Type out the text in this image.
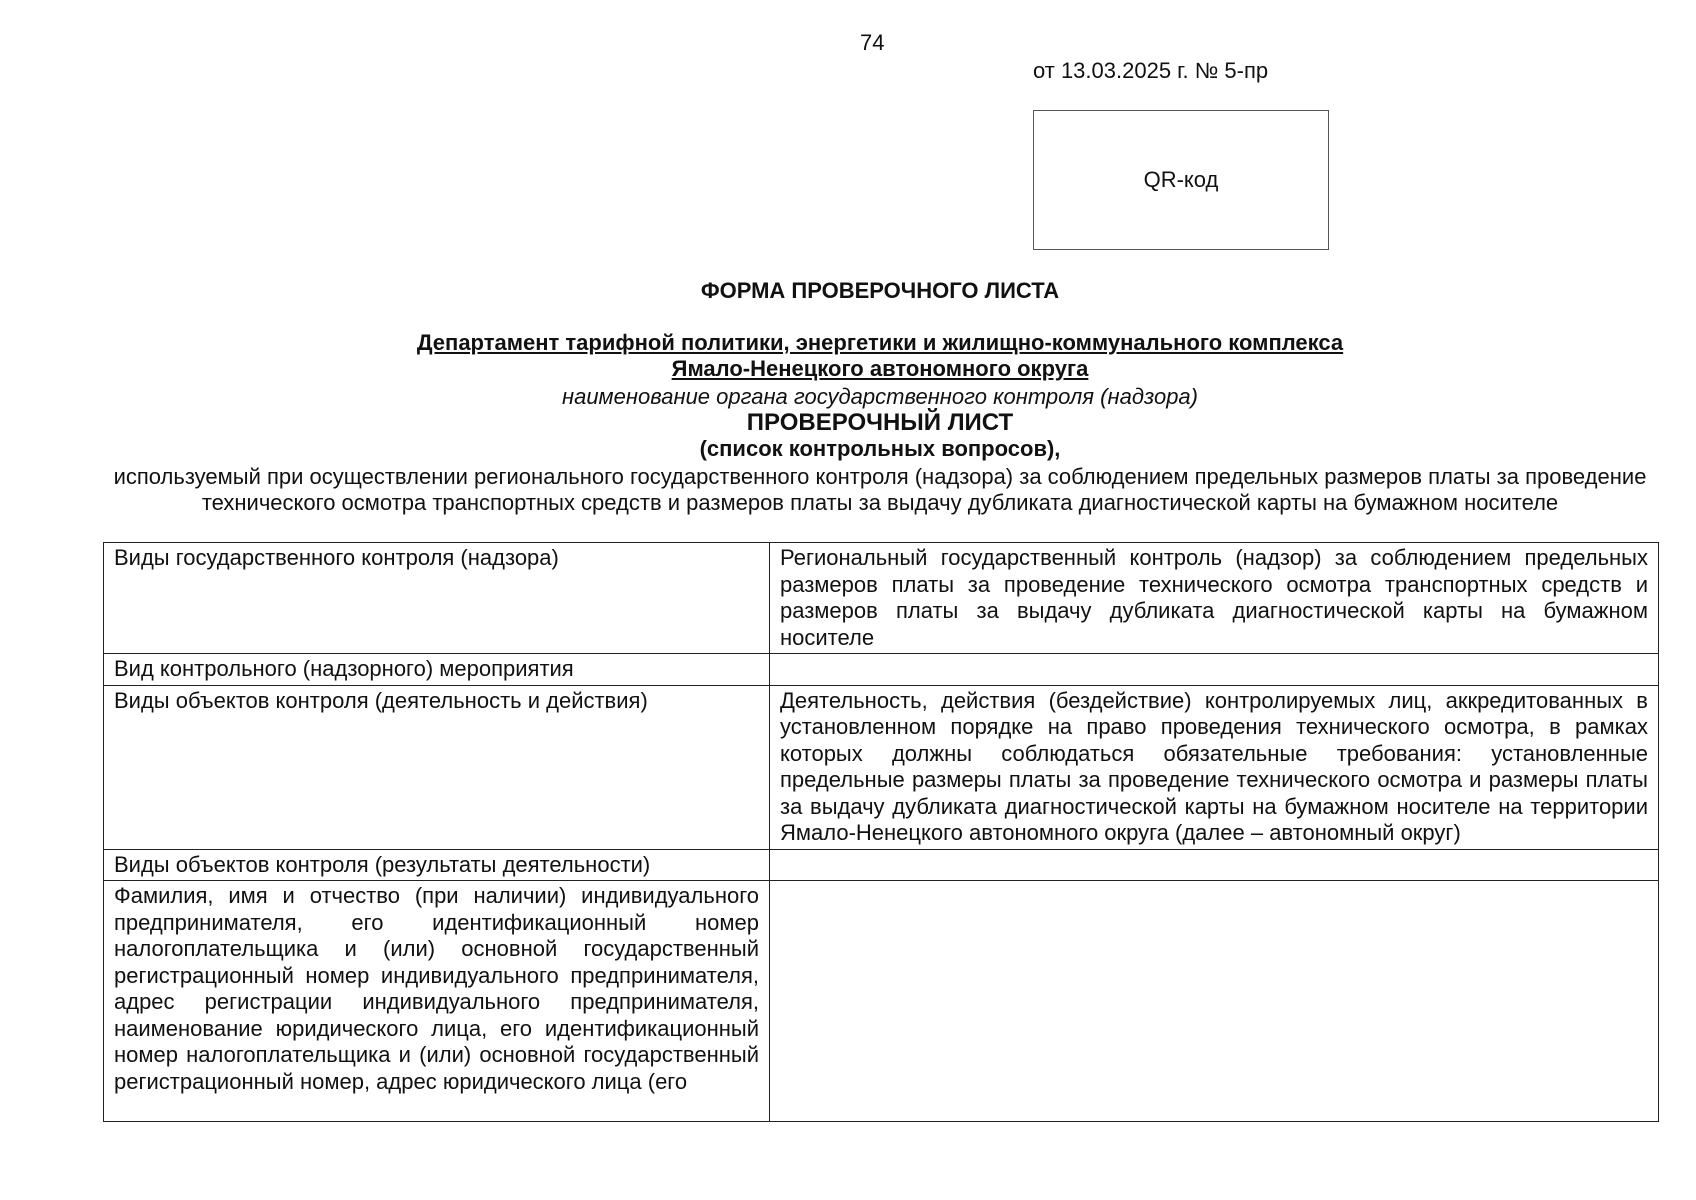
74
от 13.03.2025 г. № 5-пр
QR-код
ФОРМА ПРОВЕРОЧНОГО ЛИСТА
Департамент тарифной политики, энергетики и жилищно-коммунального комплекса
Ямало-Ненецкого автономного округа
наименование органа государственного контроля (надзора)
ПРОВЕРОЧНЫЙ ЛИСТ
(список контрольных вопросов),
используемый при осуществлении регионального государственного контроля (надзора) за соблюдением предельных размеров платы за проведение технического осмотра транспортных средств и размеров платы за выдачу дубликата диагностической карты на бумажном носителе
Виды государственного контроля (надзора)	Региональный государственный контроль (надзор) за соблюдением предельных размеров платы за проведение технического осмотра транспортных средств и размеров платы за выдачу дубликата диагностической карты на бумажном носителе
Вид контрольного (надзорного) мероприятия	
Виды объектов контроля (деятельность и действия)	Деятельность, действия (бездействие) контролируемых лиц, аккредитованных в установленном порядке на право проведения технического осмотра, в рамках которых должны соблюдаться обязательные требования: установленные предельные размеры платы за проведение технического осмотра и размеры платы за выдачу дубликата диагностической карты на бумажном носителе на территории Ямало-Ненецкого автономного округа (далее – автономный округ)
Виды объектов контроля (результаты деятельности)	

Фамилия, имя и отчество (при наличии) индивидуального предпринимателя, его идентификационный номер налогоплательщика и (или) основной государственный регистрационный номер индивидуального предпринимателя, адрес регистрации индивидуального предпринимателя, наименование юридического лица, его идентификационный номер налогоплательщика и (или) основной государственный регистрационный номер, адрес юридического лица (его	
